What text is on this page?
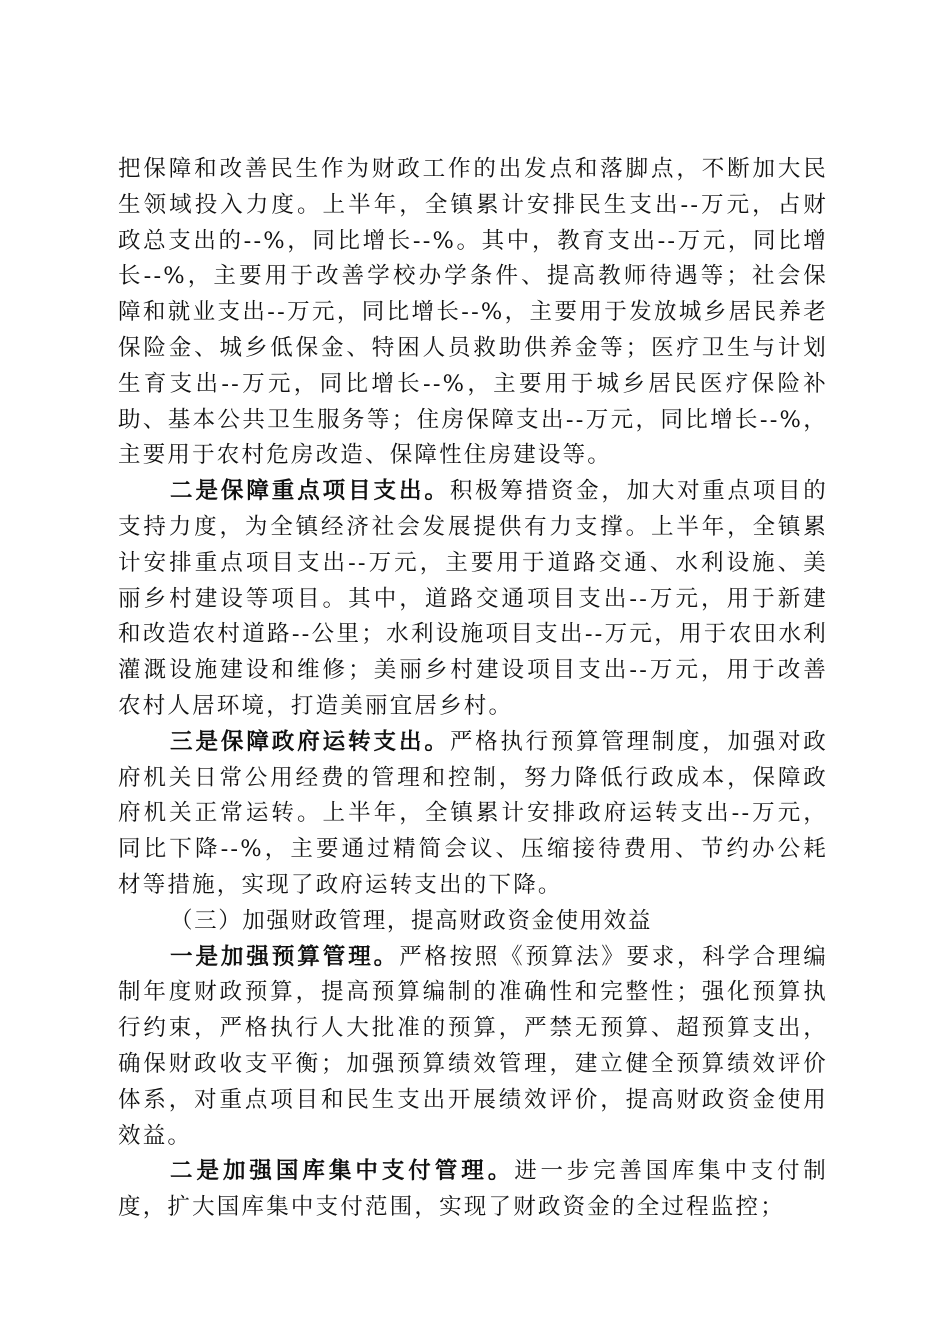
把保障和改善民生作为财政工作的出发点和落脚点，不断加大民生领域投入力度。上半年，全镇累计安排民生支出--万元，占财政总支出的--%，同比增长--%。其中，教育支出--万元，同比增长--%，主要用于改善学校办学条件、提高教师待遇等；社会保障和就业支出--万元，同比增长--%，主要用于发放城乡居民养老保险金、城乡低保金、特困人员救助供养金等；医疗卫生与计划生育支出--万元，同比增长--%，主要用于城乡居民医疗保险补助、基本公共卫生服务等；住房保障支出--万元，同比增长--%，主要用于农村危房改造、保障性住房建设等。

二是保障重点项目支出。积极筹措资金，加大对重点项目的支持力度，为全镇经济社会发展提供有力支撑。上半年，全镇累计安排重点项目支出--万元，主要用于道路交通、水利设施、美丽乡村建设等项目。其中，道路交通项目支出--万元，用于新建和改造农村道路--公里；水利设施项目支出--万元，用于农田水利灌溉设施建设和维修；美丽乡村建设项目支出--万元，用于改善农村人居环境，打造美丽宜居乡村。

三是保障政府运转支出。严格执行预算管理制度，加强对政府机关日常公用经费的管理和控制，努力降低行政成本，保障政府机关正常运转。上半年，全镇累计安排政府运转支出--万元，同比下降--%，主要通过精简会议、压缩接待费用、节约办公耗材等措施，实现了政府运转支出的下降。

（三）加强财政管理，提高财政资金使用效益

一是加强预算管理。严格按照《预算法》要求，科学合理编制年度财政预算，提高预算编制的准确性和完整性；强化预算执行约束，严格执行人大批准的预算，严禁无预算、超预算支出，确保财政收支平衡；加强预算绩效管理，建立健全预算绩效评价体系，对重点项目和民生支出开展绩效评价，提高财政资金使用效益。

二是加强国库集中支付管理。进一步完善国库集中支付制度，扩大国库集中支付范围，实现了财政资金的全过程监控；
